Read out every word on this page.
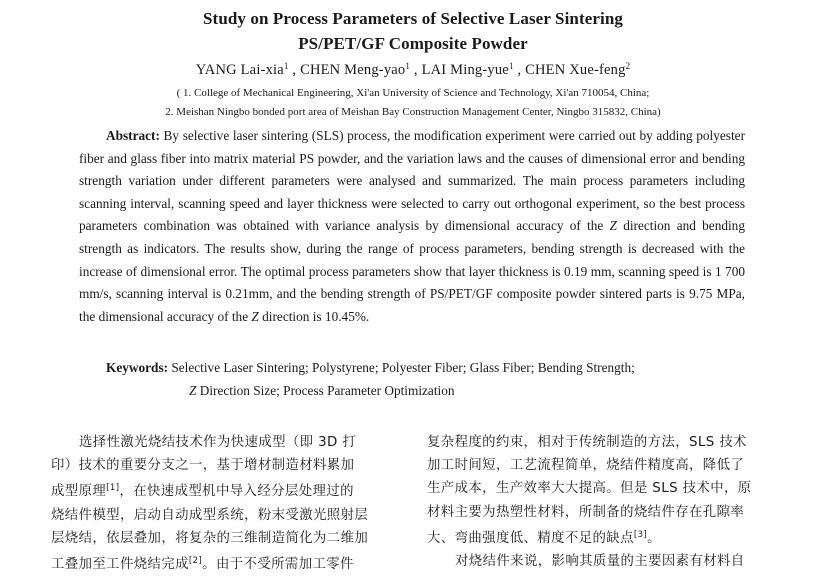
Study on Process Parameters of Selective Laser Sintering
PS/PET/GF Composite Powder
YANG Lai-xia$^1$ , CHEN Meng-yao$^1$ , LAI Ming-yue$^1$ , CHEN Xue-feng$^2$
( 1. College of Mechanical Engineering, Xi'an University of Science and Technology, Xi'an 710054, China;
2. Meishan Ningbo bonded port area of Meishan Bay Construction Management Center, Ningbo 315832, China)
Abstract: By selective laser sintering (SLS) process, the modification experiment were carried out by adding polyester fiber and glass fiber into matrix material PS powder, and the variation laws and the causes of dimensional error and bending strength variation under different parameters were analysed and summarized. The main process parameters including scanning interval, scanning speed and layer thickness were selected to carry out orthogonal experiment, so the best process parameters combination was obtained with variance analysis by dimensional accuracy of the Z direction and bending strength as indicators. The results show, during the range of process parameters, bending strength is decreased with the increase of dimensional error. The optimal process parameters show that layer thickness is 0.19 mm, scanning speed is 1 700 mm/s, scanning interval is 0.21mm, and the bending strength of PS/PET/GF composite powder sintered parts is 9.75 MPa, the dimensional accuracy of the Z direction is 10.45%.
Keywords: Selective Laser Sintering; Polystyrene; Polyester Fiber; Glass Fiber; Bending Strength;
Z Direction Size; Process Parameter Optimization
选择性激光烧结技术作为快速成型（即 3D 打
印）技术的重要分支之一，基于增材制造材料累加
成型原理[1]，在快速成型机中导入经分层处理过的
烧结件模型，启动自动成型系统，粉末受激光照射层
层烧结，依层叠加，将复杂的三维制造简化为二维加
工叠加至工件烧结完成[2]。由于不受所需加工零件
复杂程度的约束，相对于传统制造的方法，SLS 技术
加工时间短，工艺流程简单，烧结件精度高，降低了
生产成本，生产效率大大提高。但是 SLS 技术中，原
材料主要为热塑性材料，所制备的烧结件存在孔隙率
大、弯曲强度低、精度不足的缺点[3]。
对烧结件来说，影响其质量的主要因素有材料自
